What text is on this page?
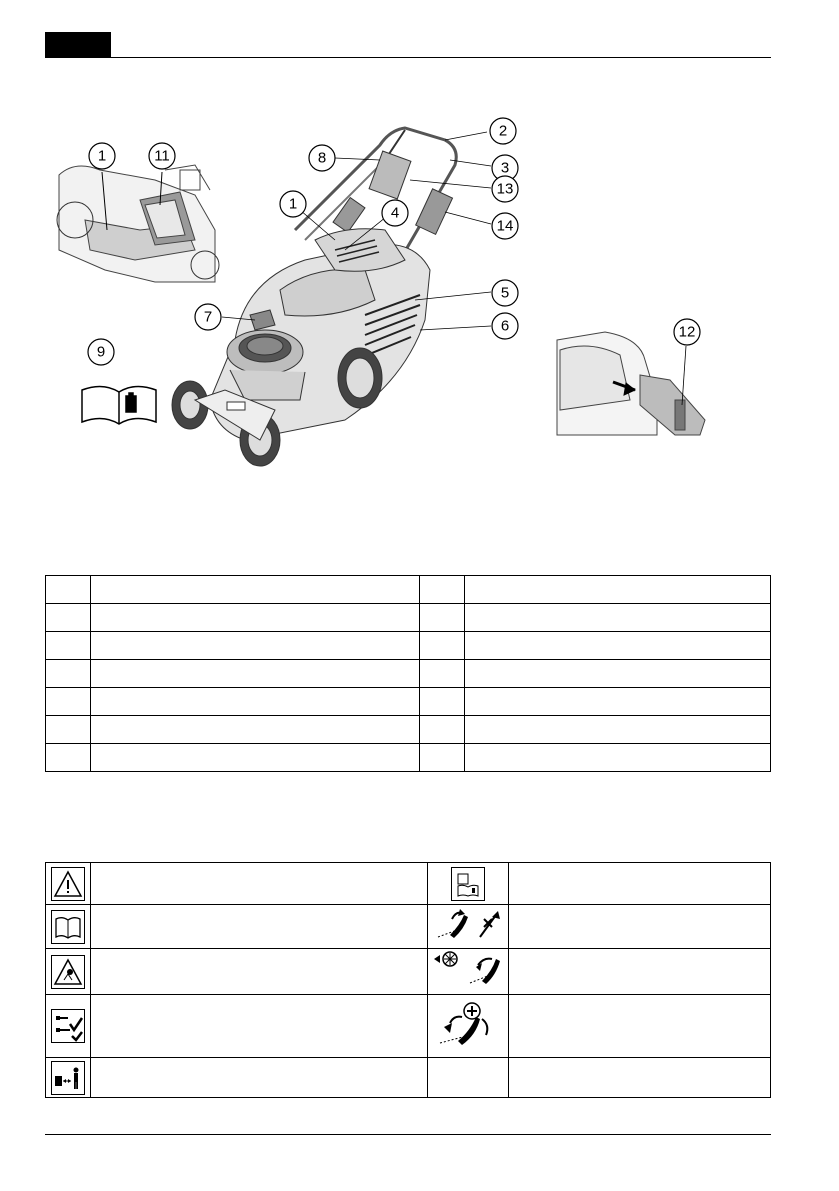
1	11	8
2
3
13
1
4
14
5
6
7
9
12
